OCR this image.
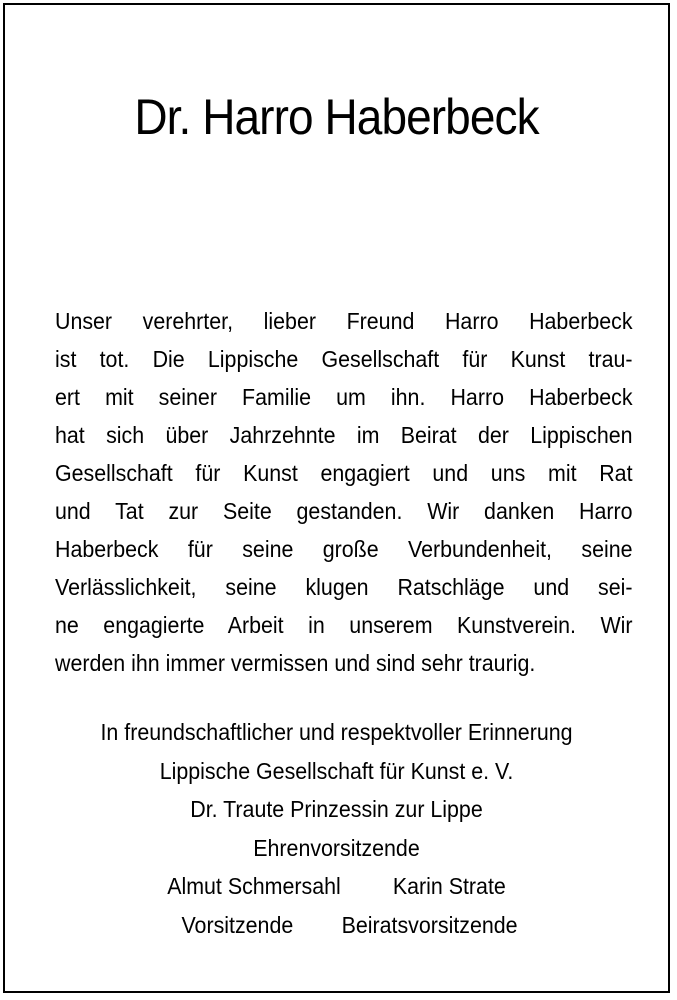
Dr. Harro Haberbeck
Unser verehrter, lieber Freund Harro Haberbeck
ist tot. Die Lippische Gesellschaft für Kunst trau-
ert mit seiner Familie um ihn. Harro Haberbeck
hat sich über Jahrzehnte im Beirat der Lippischen
Gesellschaft für Kunst engagiert und uns mit Rat
und Tat zur Seite gestanden. Wir danken Harro
Haberbeck für seine große Verbundenheit, seine
Verlässlichkeit, seine klugen Ratschläge und sei-
ne engagierte Arbeit in unserem Kunstverein. Wir
werden ihn immer vermissen und sind sehr traurig.
In freundschaftlicher und respektvoller Erinnerung
Lippische Gesellschaft für Kunst e. V.
Dr. Traute Prinzessin zur Lippe
Ehrenvorsitzende
Almut Schmersahl Karin Strate
Vorsitzende Beiratsvorsitzende
